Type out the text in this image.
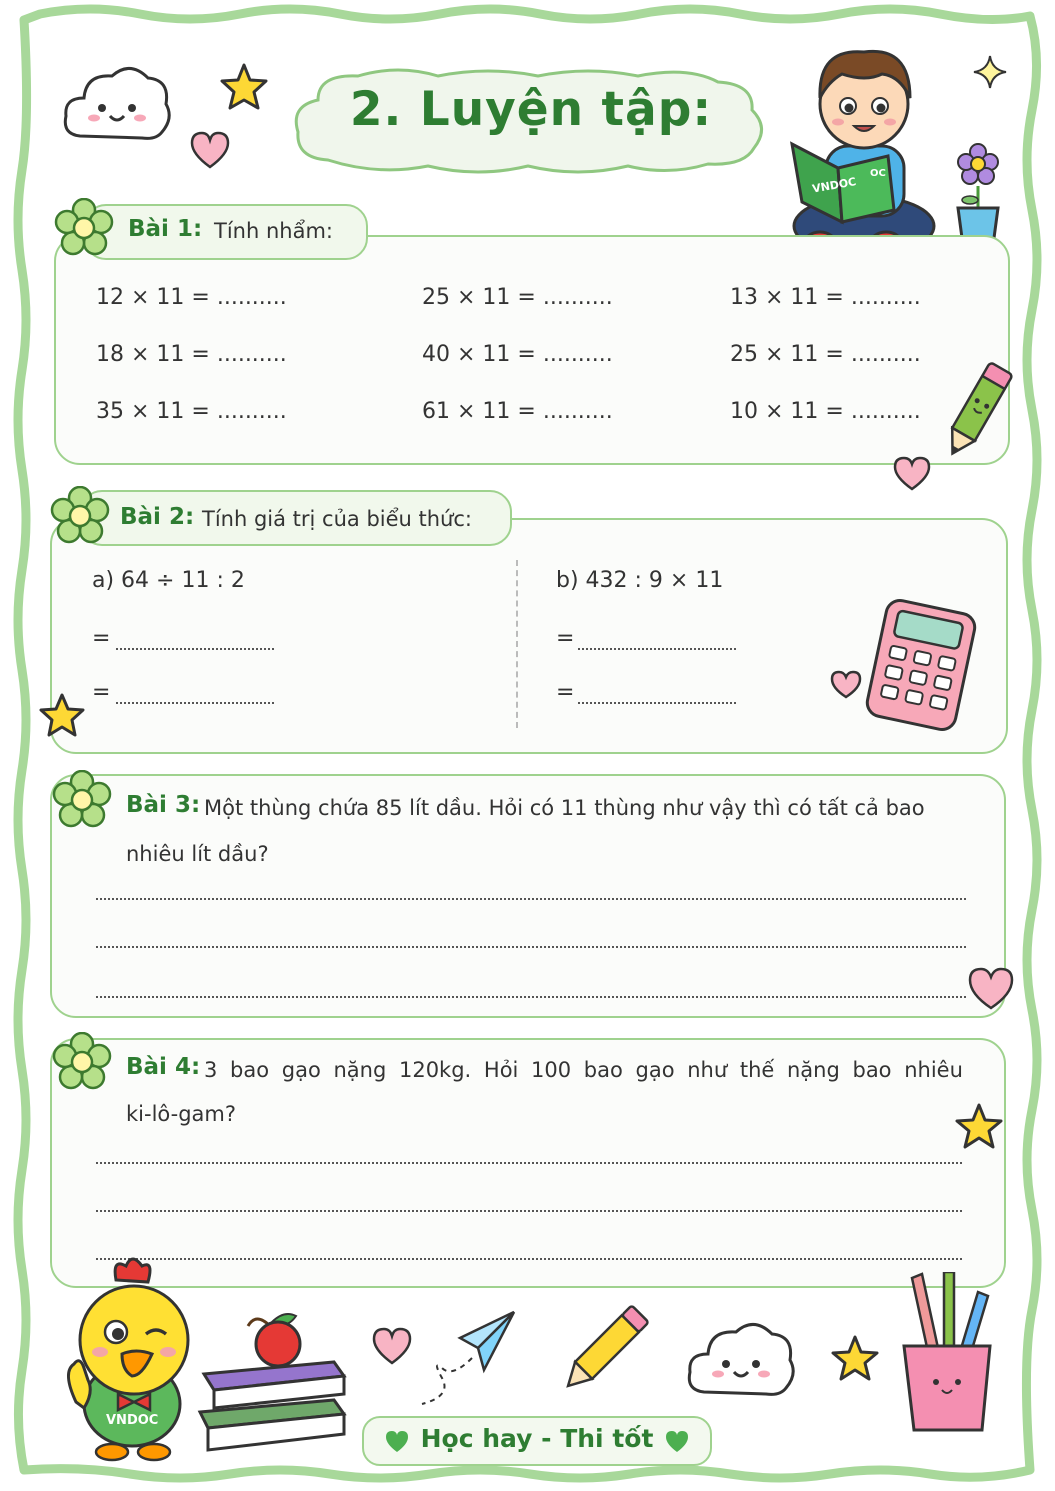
2. Luyện tập:
VNDOC
OC
Bài 1: Tính nhẩm:
12 × 11 = ..........	25 × 11 = ..........	13 × 11 = ..........
18 × 11 = ..........	40 × 11 = ..........	25 × 11 = ..........
35 × 11 = ..........	61 × 11 = ..........	10 × 11 = ..........
Bài 2: Tính giá trị của biểu thức:
a) 64 ÷ 11 : 2
=
=
b) 432 : 9 × 11
=
=
Bài 3: Một thùng chứa 85 lít dầu. Hỏi có 11 thùng như vậy thì có tất cả bao
nhiêu lít dầu?
Bài 4: 3 bao gạo nặng 120kg. Hỏi 100 bao gạo như thế nặng bao nhiêu
ki-lô-gam?
VNDOC
Học hay - Thi tốt
